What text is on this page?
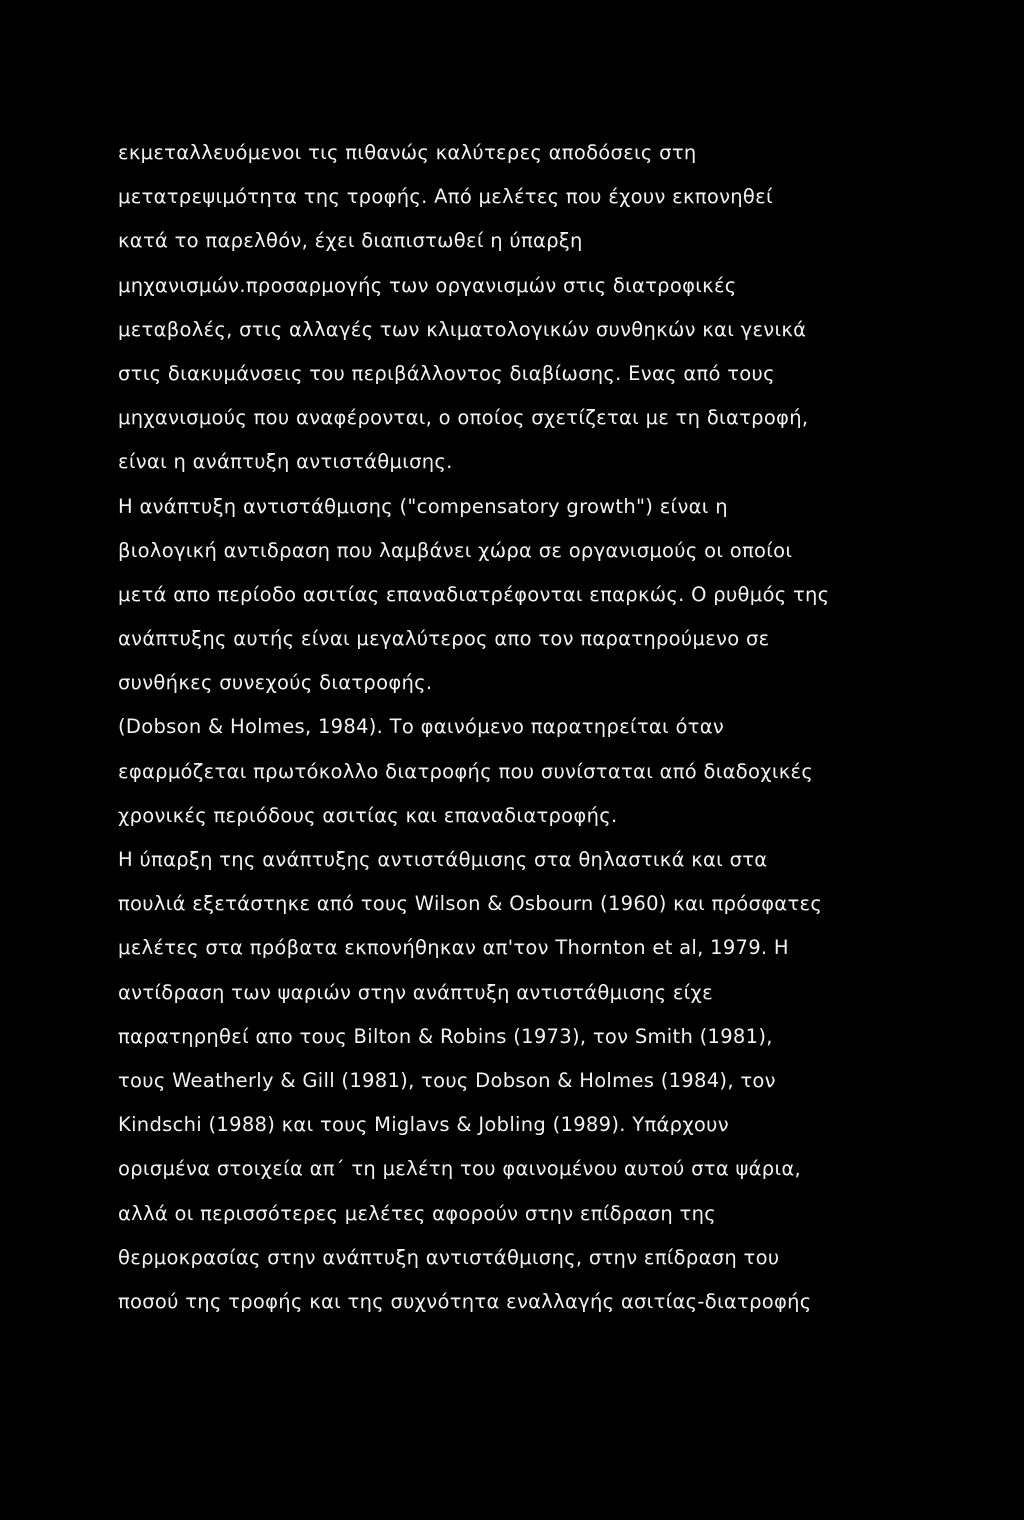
εκμεταλλευόμενοι τις πιθανώς καλύτερες αποδόσεις στη
μετατρεψιμότητα της τροφής. Από μελέτες που έχουν εκπονηθεί
κατά το παρελθόν, έχει διαπιστωθεί η ύπαρξη
μηχανισμών.προσαρμογής των οργανισμών στις διατροφικές
μεταβολές, στις αλλαγές των κλιματολογικών συνθηκών και γενικά
στις διακυμάνσεις του περιβάλλοντος διαβίωσης. Ενας από τους
μηχανισμούς που αναφέρονται, ο οποίος σχετίζεται με τη διατροφή,
είναι η ανάπτυξη αντιστάθμισης.
Η ανάπτυξη αντιστάθμισης ("compensatory growth") είναι η
βιολογική αντιδραση που λαμβάνει χώρα σε οργανισμούς οι οποίοι
μετά απο περίοδο ασιτίας επαναδιατρέφονται επαρκώς. Ο ρυθμός της
ανάπτυξης αυτής είναι μεγαλύτερος απο τον παρατηρούμενο σε
συνθήκες συνεχούς διατροφής.
(Dobson & Holmes, 1984). Το φαινόμενο παρατηρείται όταν
εφαρμόζεται πρωτόκολλο διατροφής που συνίσταται από διαδοχικές
χρονικές περιόδους ασιτίας και επαναδιατροφής.
Η ύπαρξη της ανάπτυξης αντιστάθμισης στα θηλαστικά και στα
πουλιά εξετάστηκε από τους Wilson & Osbourn (1960) και πρόσφατες
μελέτες στα πρόβατα εκπονήθηκαν απ'τον Thornton et al, 1979. Η
αντίδραση των ψαριών στην ανάπτυξη αντιστάθμισης είχε
παρατηρηθεί απο τους Bilton & Robins (1973), τον Smith (1981),
τους Weatherly & Gill (1981), τους Dobson & Holmes (1984), τον
Kindschi (1988) και τους Miglavs & Jobling (1989). Υπάρχουν
ορισμένα στοιχεία απ΄ τη μελέτη του φαινομένου αυτού στα ψάρια,
αλλά οι περισσότερες μελέτες αφορούν στην επίδραση της
θερμοκρασίας στην ανάπτυξη αντιστάθμισης, στην επίδραση του
ποσού της τροφής και της συχνότητα εναλλαγής ασιτίας-διατροφής
